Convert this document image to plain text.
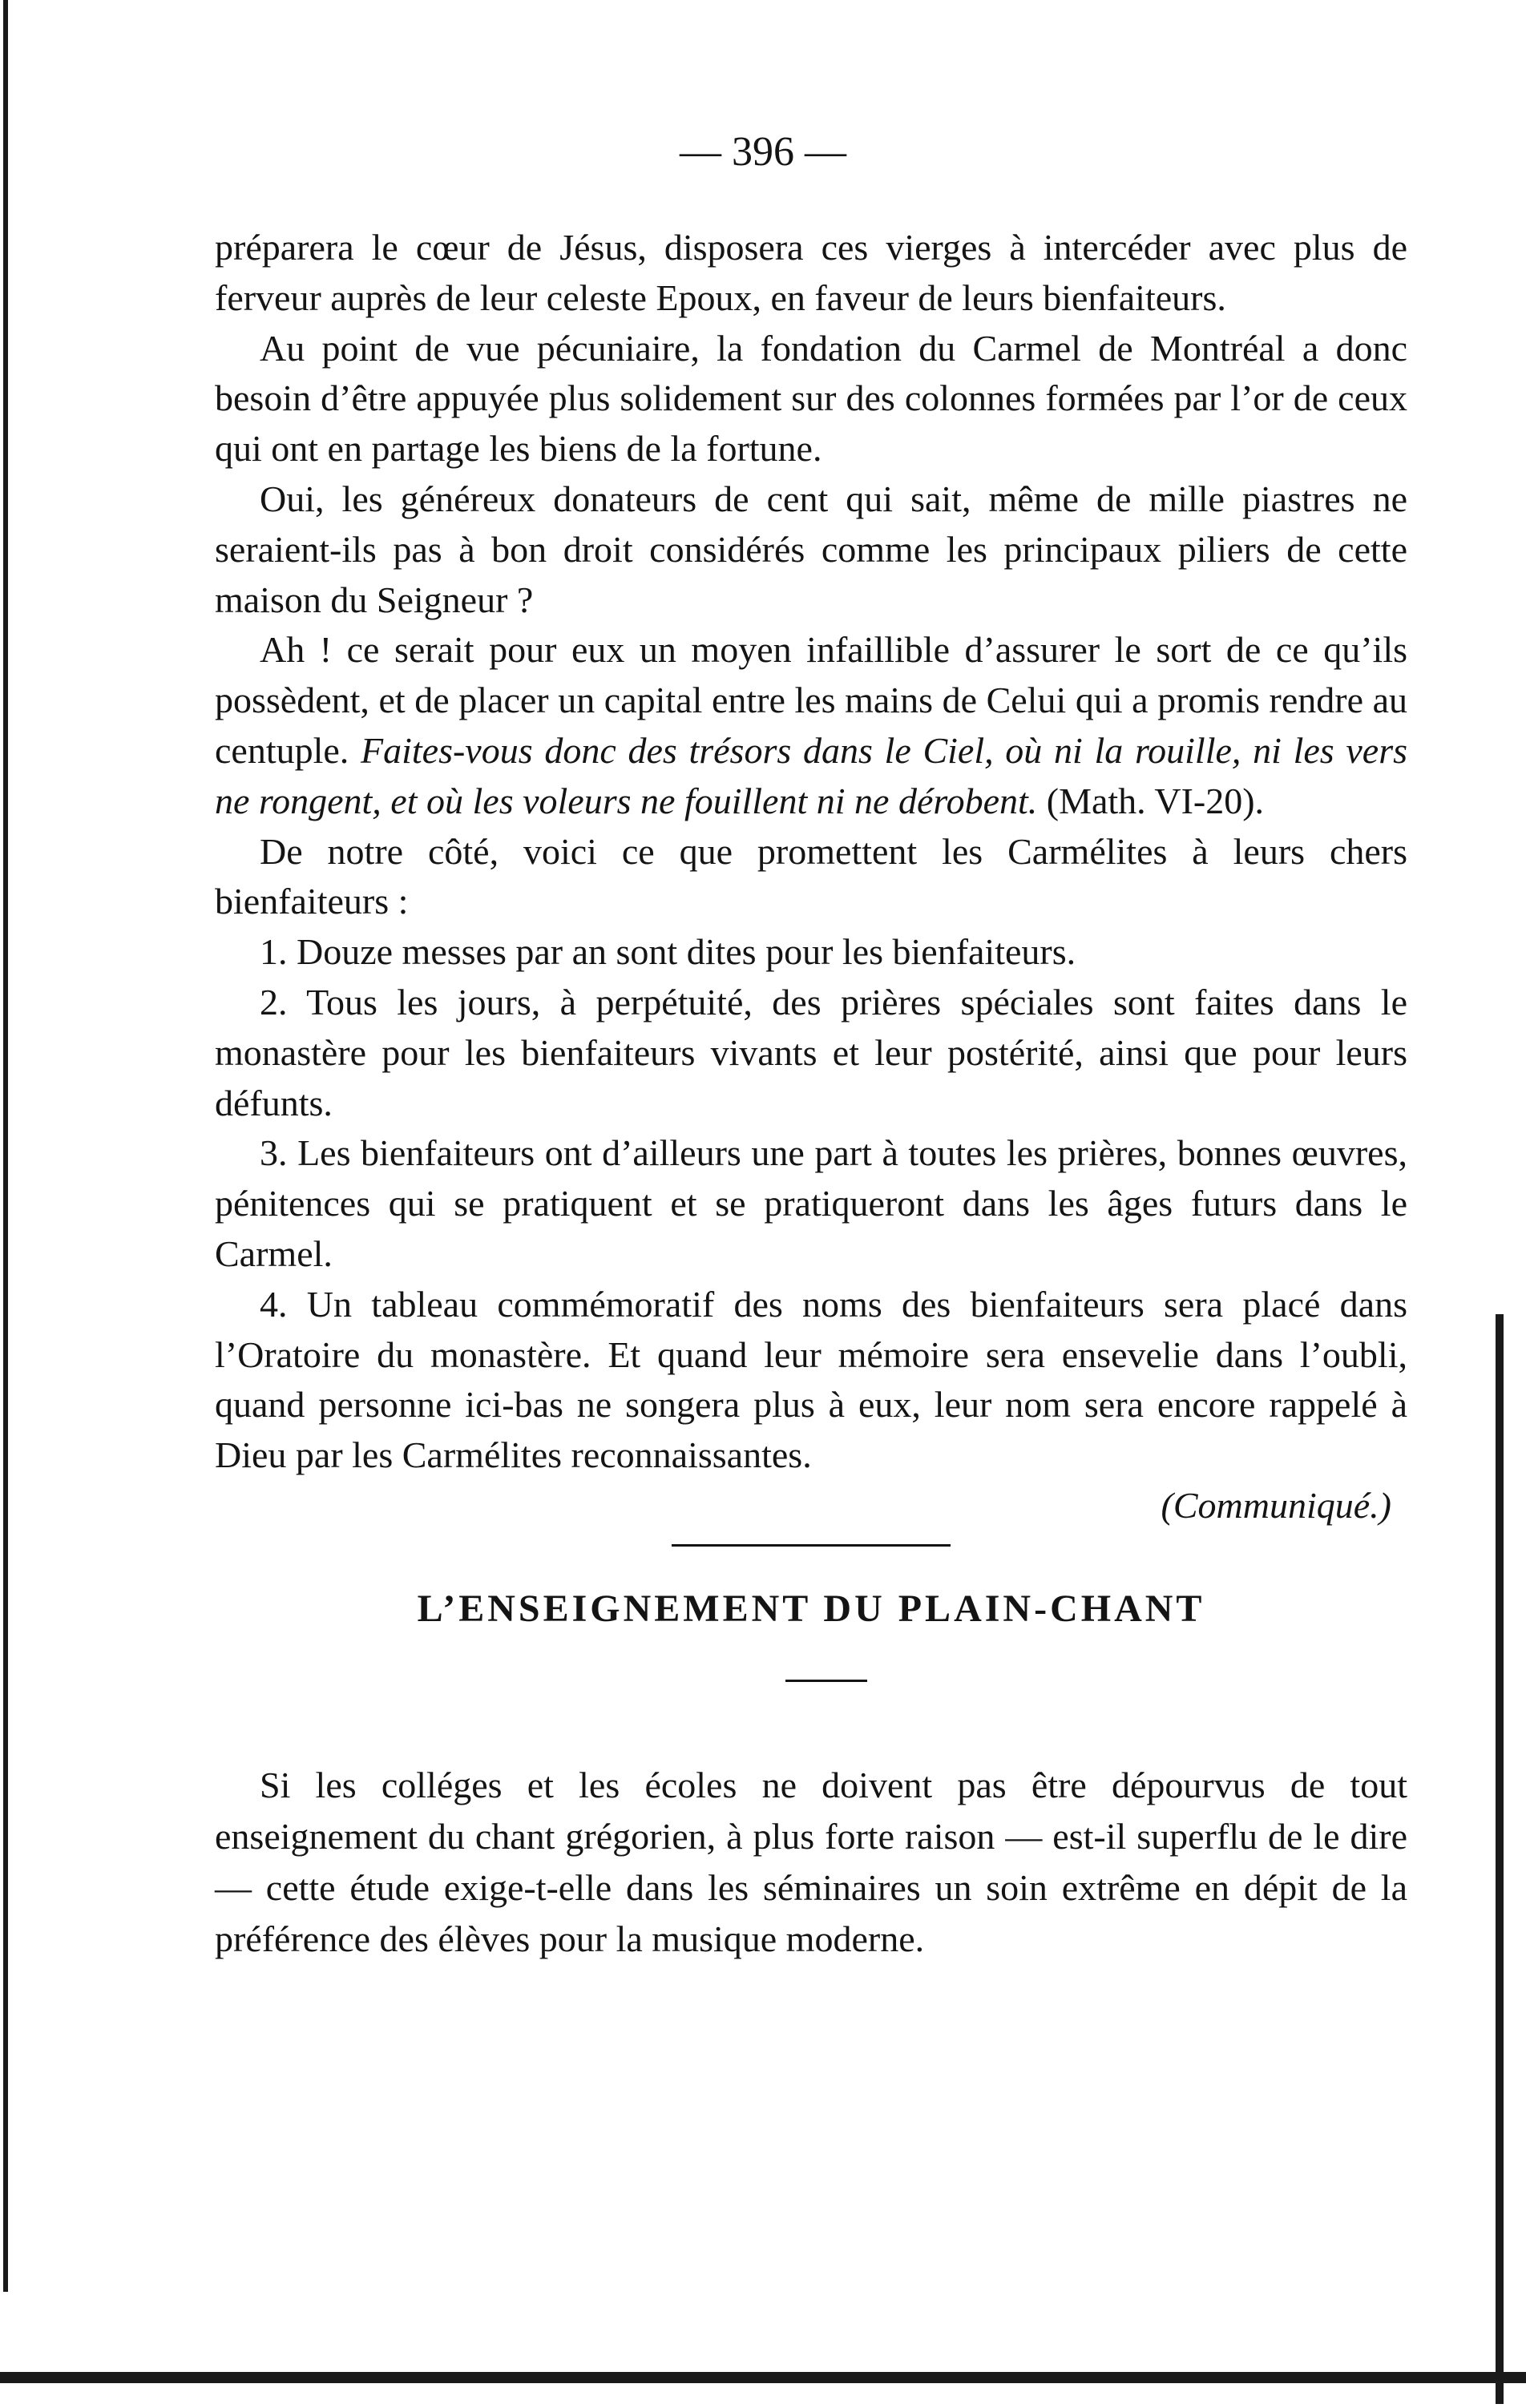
— 396 —

préparera le cœur de Jésus, disposera ces vierges à intercéder avec plus de ferveur auprès de leur celeste Epoux, en faveur de leurs bienfaiteurs.

Au point de vue pécuniaire, la fondation du Carmel de Montréal a donc besoin d’être appuyée plus solidement sur des colonnes formées par l’or de ceux qui ont en partage les biens de la fortune.

Oui, les généreux donateurs de cent qui sait, même de mille piastres ne seraient-ils pas à bon droit considérés comme les principaux piliers de cette maison du Seigneur ?

Ah ! ce serait pour eux un moyen infaillible d’assurer le sort de ce qu’ils possèdent, et de placer un capital entre les mains de Celui qui a promis rendre au centuple. Faites-vous donc des trésors dans le Ciel, où ni la rouille, ni les vers ne rongent, et où les voleurs ne fouillent ni ne dérobent. (Math. VI-20).

De notre côté, voici ce que promettent les Carmélites à leurs chers bienfaiteurs :

1. Douze messes par an sont dites pour les bienfaiteurs.

2. Tous les jours, à perpétuité, des prières spéciales sont faites dans le monastère pour les bienfaiteurs vivants et leur postérité, ainsi que pour leurs défunts.

3. Les bienfaiteurs ont d’ailleurs une part à toutes les prières, bonnes œuvres, pénitences qui se pratiquent et se pratiqueront dans les âges futurs dans le Carmel.

4. Un tableau commémoratif des noms des bienfaiteurs sera placé dans l’Oratoire du monastère. Et quand leur mémoire sera ensevelie dans l’oubli, quand personne ici-bas ne songera plus à eux, leur nom sera encore rappelé à Dieu par les Carmélites reconnaissantes.

(Communiqué.)

L’ENSEIGNEMENT DU PLAIN-CHANT

Si les colléges et les écoles ne doivent pas être dépourvus de tout enseignement du chant grégorien, à plus forte raison — est-il superflu de le dire — cette étude exige-t-elle dans les séminaires un soin extrême en dépit de la préférence des élèves pour la musique moderne.
